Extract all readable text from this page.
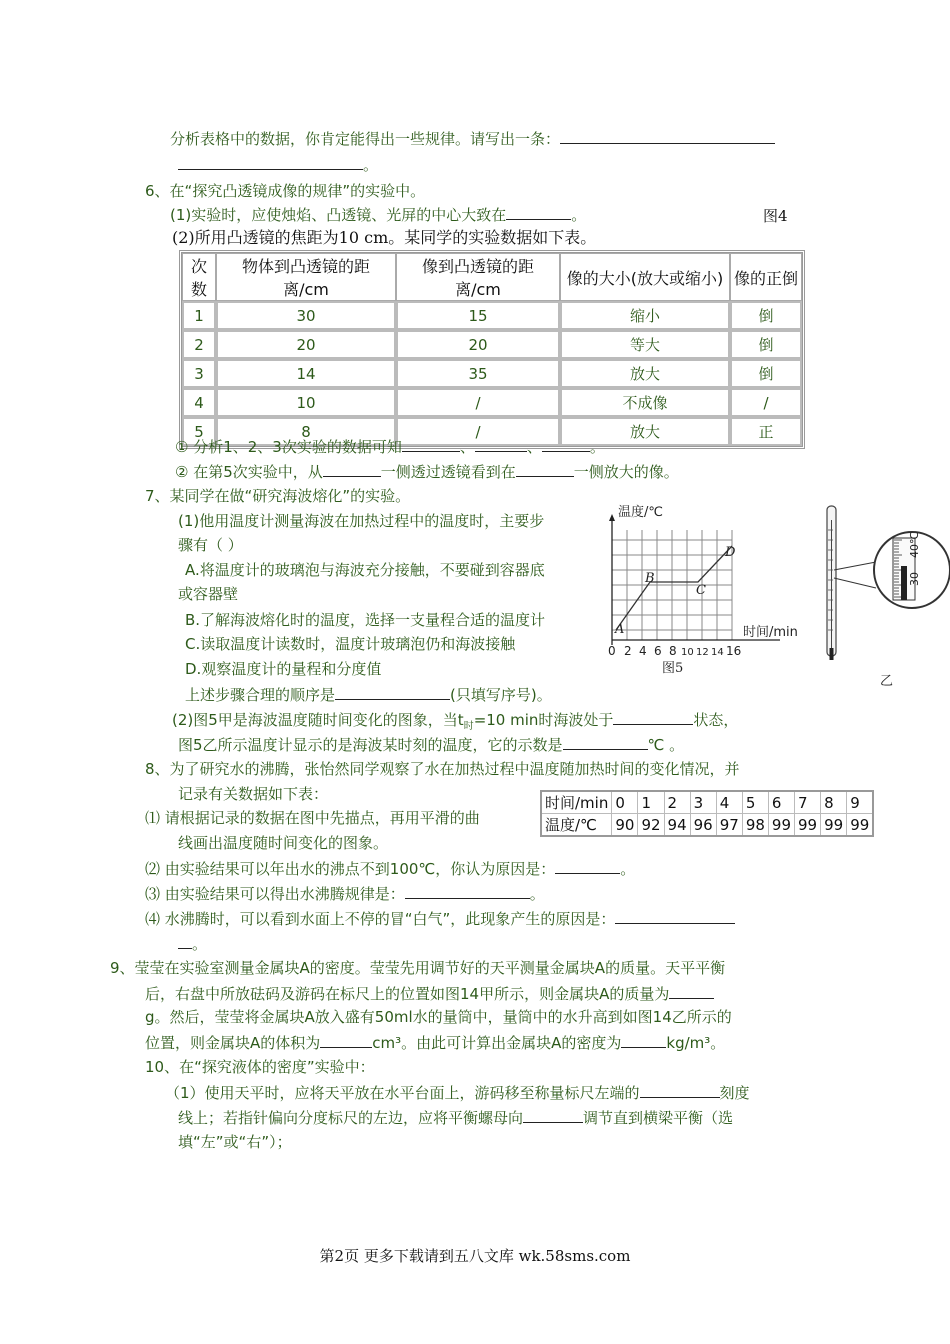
分析表格中的数据，你肯定能得出一些规律。请写出一条：
。
6、在“探究凸透镜成像的规律”的实验中。
(1)实验时，应使烛焰、凸透镜、光屏的中心大致在	。	图4
(2)所用凸透镜的焦距为10 cm。某同学的实验数据如下表。
次数	物体到凸透镜的距离/cm	像到凸透镜的距离/cm	像的大小(放大或缩小)	像的正倒
1	30	15	缩小	倒
2	20	20	等大	倒
3	14	35	放大	倒
4	10	/	不成像	/
5	8	/	放大	正
① 分析1、2、3次实验的数据可知	、	、	。
② 在第5次实验中，从	一侧透过透镜看到在	一侧放大的像。
7、某同学在做“研究海波熔化”的实验。
(1)他用温度计测量海波在加热过程中的温度时，主要步
骤有（ ）
A.将温度计的玻璃泡与海波充分接触，不要碰到容器底
或容器壁
B.了解海波熔化时的温度，选择一支量程合适的温度计
C.读取温度计读数时，温度计玻璃泡仍和海波接触
D.观察温度计的量程和分度值
上述步骤合理的顺序是	(只填写序号)。
(2)图5甲是海波温度随时间变化的图象，当$t_时=10$ min时海波处于	状态，
图5乙所示温度计显示的是海波某时刻的温度，它的示数是	℃ 。
温度/℃
时间/min
A
B
C
D
0 2 4 6 8 10 12 14 16
图5
40℃
30
乙
8、为了研究水的沸腾，张怡然同学观察了水在加热过程中温度随加热时间的变化情况，并
记录有关数据如下表：	时间/min	0	1	2	3	4	5	6	7	8	9
温度/℃	90	92	94	96	97	98	99	99	99	99
⑴ 请根据记录的数据在图中先描点，再用平滑的曲
线画出温度随时间变化的图象。
⑵ 由实验结果可以年出水的沸点不到100℃，你认为原因是：	。
⑶ 由实验结果可以得出水沸腾规律是：	。
⑷ 水沸腾时，可以看到水面上不停的冒“白气”，此现象产生的原因是：
。
9、莹莹在实验室测量金属块A的密度。莹莹先用调节好的天平测量金属块A的质量。天平平衡
后，右盘中所放砝码及游码在标尺上的位置如图14甲所示，则金属块A的质量为
g。然后，莹莹将金属块A放入盛有50ml水的量筒中，量筒中的水升高到如图14乙所示的
位置，则金属块A的体积为	cm³。由此可计算出金属块A的密度为	kg/m³。
10、在“探究液体的密度”实验中：
（1）使用天平时，应将天平放在水平台面上，游码移至称量标尺左端的	刻度
线上；若指针偏向分度标尺的左边，应将平衡螺母向	调节直到横梁平衡（选
填“左”或“右”）；
第2页 更多下载请到五八文库 wk.58sms.com
